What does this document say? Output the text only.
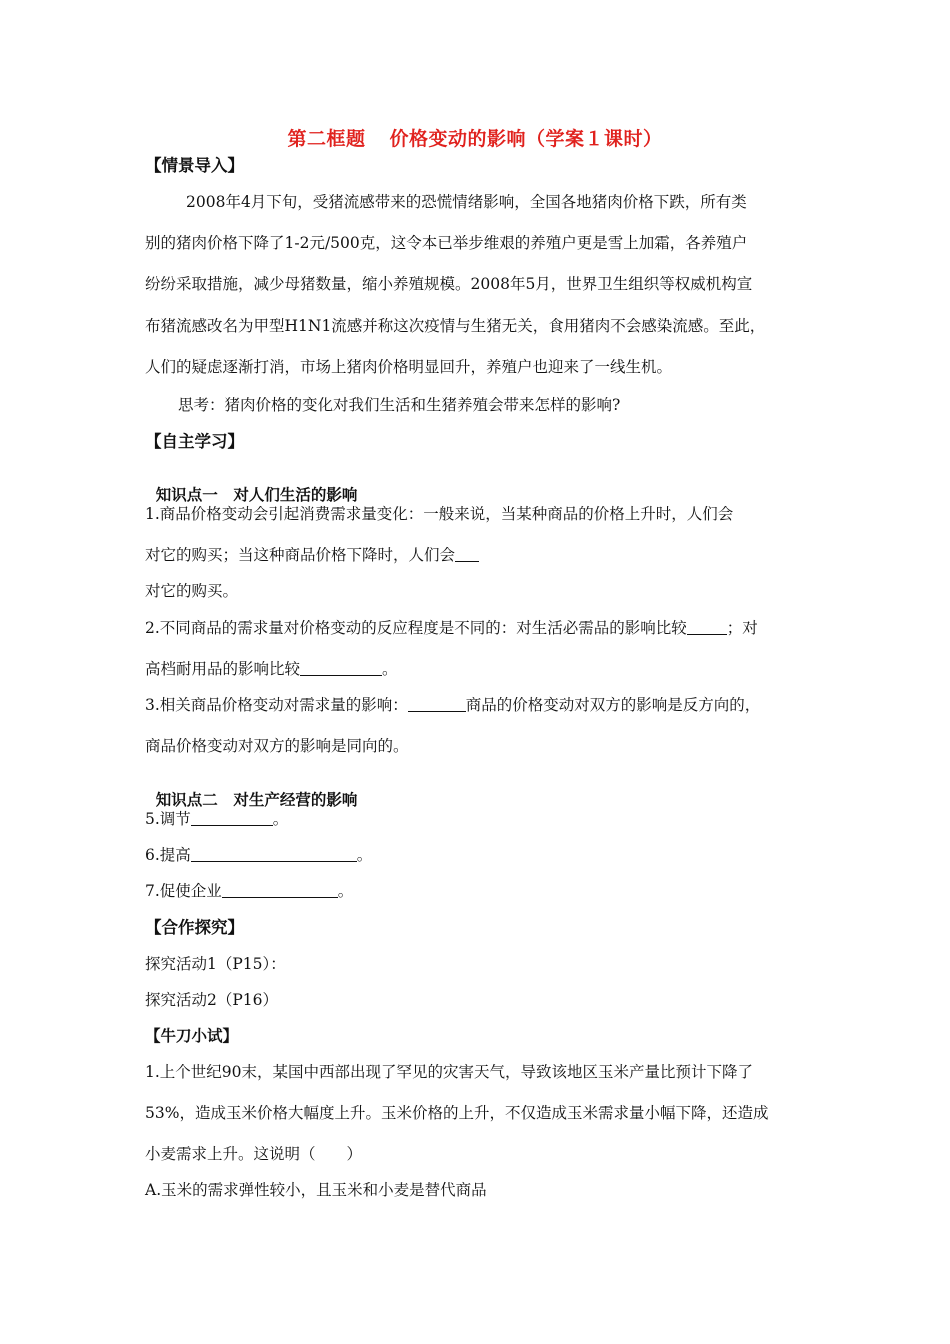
第二框题 价格变动的影响（学案１课时）
【情景导入】
2008年4月下旬，受猪流感带来的恐慌情绪影响，全国各地猪肉价格下跌，所有类
别的猪肉价格下降了1-2元/500克，这令本已举步维艰的养殖户更是雪上加霜，各养殖户
纷纷采取措施，减少母猪数量，缩小养殖规模。2008年5月，世界卫生组织等权威机构宣
布猪流感改名为甲型H1N1流感并称这次疫情与生猪无关，食用猪肉不会感染流感。至此，
人们的疑虑逐渐打消，市场上猪肉价格明显回升，养殖户也迎来了一线生机。
思考：猪肉价格的变化对我们生活和生猪养殖会带来怎样的影响?
【自主学习】

知识点一　 对人们生活的影响

1.商品价格变动会引起消费需求量变化：一般来说，当某种商品的价格上升时，人们会
对它的购买；当这种商品价格下降时，人们会
对它的购买。
2.不同商品的需求量对价格变动的反应程度是不同的：对生活必需品的影响比较	；对
高档耐用品的影响比较	。
3.相关商品价格变动对需求量的影响：	商品的价格变动对双方的影响是反方向的，
商品价格变动对双方的影响是同向的。

知识点二　 对生产经营的影响

5.调节	。
6.提高	。
7.促使企业	。
【合作探究】
探究活动1（P15）：
探究活动2（P16）
【牛刀小试】
1.上个世纪90末，某国中西部出现了罕见的灾害天气，导致该地区玉米产量比预计下降了
53%，造成玉米价格大幅度上升。玉米价格的上升，不仅造成玉米需求量小幅下降，还造成
小麦需求上升。这说明（　　）
A.玉米的需求弹性较小，且玉米和小麦是替代商品
